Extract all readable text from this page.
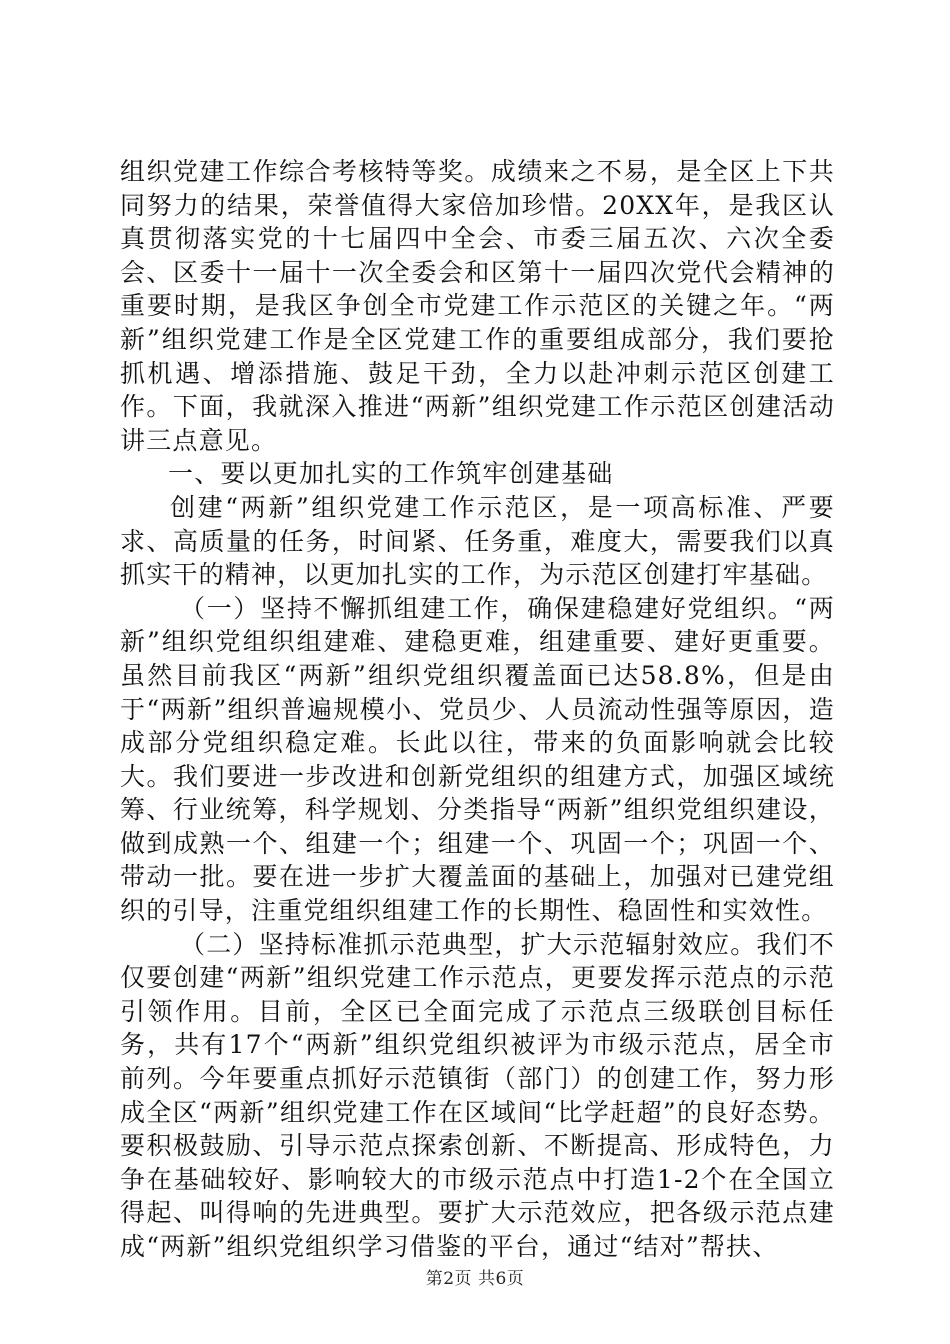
组织党建工作综合考核特等奖。成绩来之不易，是全区上下共同努力的结果，荣誉值得大家倍加珍惜。20XX年，是我区认真贯彻落实党的十七届四中全会、市委三届五次、六次全委会、区委十一届十一次全委会和区第十一届四次党代会精神的重要时期，是我区争创全市党建工作示范区的关键之年。“两新”组织党建工作是全区党建工作的重要组成部分，我们要抢抓机遇、增添措施、鼓足干劲，全力以赴冲刺示范区创建工作。下面，我就深入推进“两新”组织党建工作示范区创建活动讲三点意见。

一、要以更加扎实的工作筑牢创建基础

创建“两新”组织党建工作示范区，是一项高标准、严要求、高质量的任务，时间紧、任务重，难度大，需要我们以真抓实干的精神，以更加扎实的工作，为示范区创建打牢基础。

（一）坚持不懈抓组建工作，确保建稳建好党组织。“两新”组织党组织组建难、建稳更难，组建重要、建好更重要。虽然目前我区“两新”组织党组织覆盖面已达58.8%，但是由于“两新”组织普遍规模小、党员少、人员流动性强等原因，造成部分党组织稳定难。长此以往，带来的负面影响就会比较大。我们要进一步改进和创新党组织的组建方式，加强区域统筹、行业统筹，科学规划、分类指导“两新”组织党组织建设，做到成熟一个、组建一个；组建一个、巩固一个；巩固一个、带动一批。要在进一步扩大覆盖面的基础上，加强对已建党组织的引导，注重党组织组建工作的长期性、稳固性和实效性。

（二）坚持标准抓示范典型，扩大示范辐射效应。我们不仅要创建“两新”组织党建工作示范点，更要发挥示范点的示范引领作用。目前，全区已全面完成了示范点三级联创目标任务，共有17个“两新”组织党组织被评为市级示范点，居全市前列。今年要重点抓好示范镇街（部门）的创建工作，努力形成全区“两新”组织党建工作在区域间“比学赶超”的良好态势。要积极鼓励、引导示范点探索创新、不断提高、形成特色，力争在基础较好、影响较大的市级示范点中打造1-2个在全国立得起、叫得响的先进典型。要扩大示范效应，把各级示范点建成“两新”组织党组织学习借鉴的平台，通过“结对”帮扶、

第2页 共6页
